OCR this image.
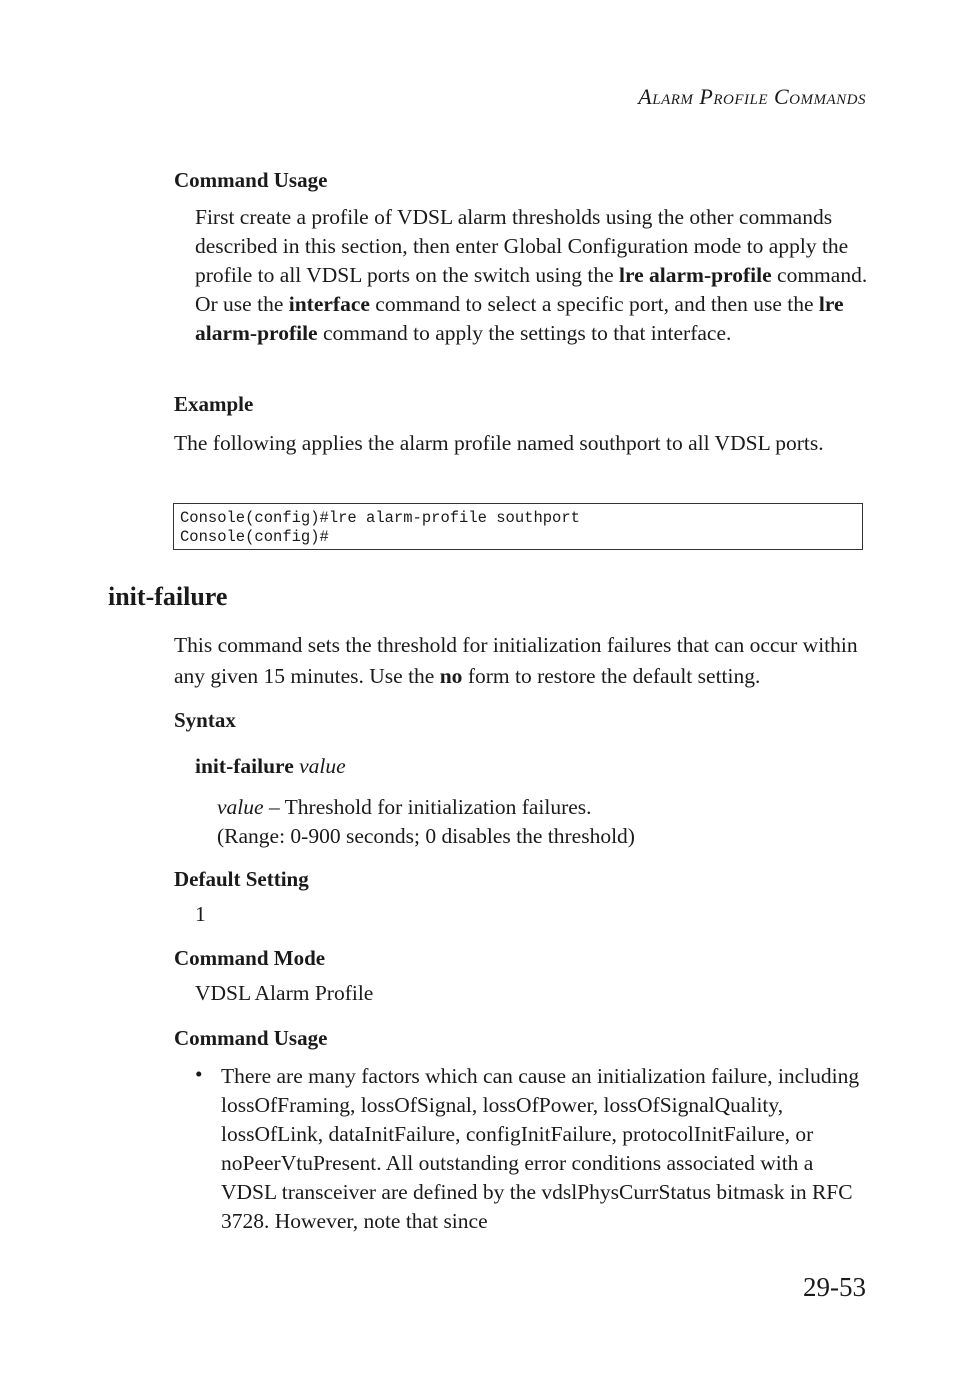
Alarm Profile Commands
Command Usage
First create a profile of VDSL alarm thresholds using the other commands described in this section, then enter Global Configuration mode to apply the profile to all VDSL ports on the switch using the lre alarm-profile command. Or use the interface command to select a specific port, and then use the lre alarm-profile command to apply the settings to that interface.
Example
The following applies the alarm profile named southport to all VDSL ports.
Console(config)#lre alarm-profile southport
Console(config)#
init-failure
This command sets the threshold for initialization failures that can occur within any given 15 minutes. Use the no form to restore the default setting.
Syntax
init-failure value
value – Threshold for initialization failures.
(Range: 0-900 seconds; 0 disables the threshold)
Default Setting
1
Command Mode
VDSL Alarm Profile
Command Usage
• There are many factors which can cause an initialization failure, including lossOfFraming, lossOfSignal, lossOfPower, lossOfSignalQuality, lossOfLink, dataInitFailure, configInitFailure, protocolInitFailure, or noPeerVtuPresent. All outstanding error conditions associated with a VDSL transceiver are defined by the vdslPhysCurrStatus bitmask in RFC 3728. However, note that since
29-53
